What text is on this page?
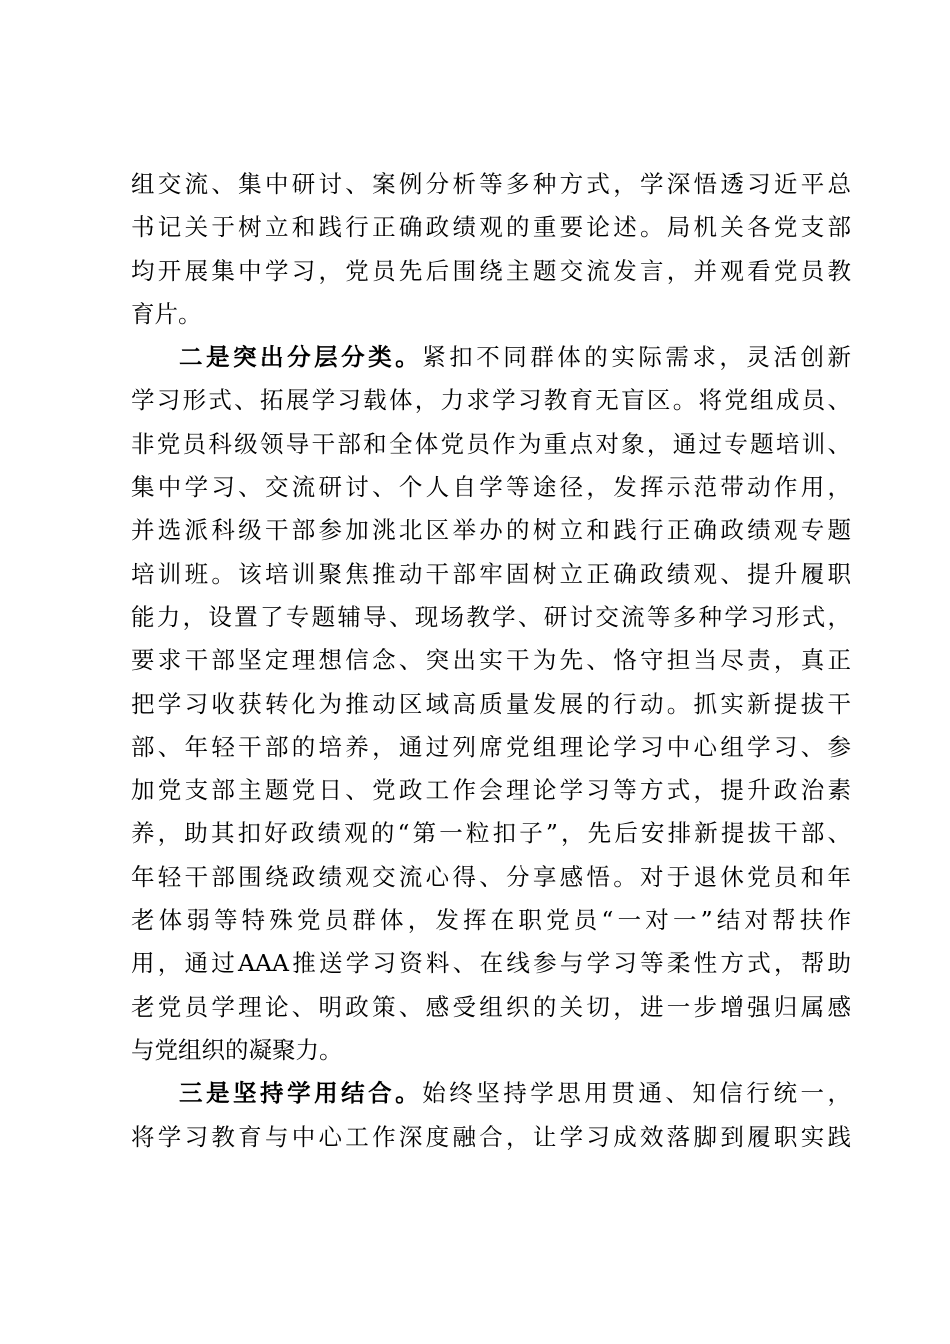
组交流、集中研讨、案例分析等多种方式，学深悟透习近平总
书记关于树立和践行正确政绩观的重要论述。局机关各党支部
均开展集中学习，党员先后围绕主题交流发言，并观看党员教
育片。
二是突出分层分类。紧扣不同群体的实际需求，灵活创新
学习形式、拓展学习载体，力求学习教育无盲区。将党组成员、
非党员科级领导干部和全体党员作为重点对象，通过专题培训、
集中学习、交流研讨、个人自学等途径，发挥示范带动作用，
并选派科级干部参加洮北区举办的树立和践行正确政绩观专题
培训班。该培训聚焦推动干部牢固树立正确政绩观、提升履职
能力，设置了专题辅导、现场教学、研讨交流等多种学习形式，
要求干部坚定理想信念、突出实干为先、恪守担当尽责，真正
把学习收获转化为推动区域高质量发展的行动。抓实新提拔干
部、年轻干部的培养，通过列席党组理论学习中心组学习、参
加党支部主题党日、党政工作会理论学习等方式，提升政治素
养，助其扣好政绩观的“第一粒扣子”，先后安排新提拔干部、
年轻干部围绕政绩观交流心得、分享感悟。对于退休党员和年
老体弱等特殊党员群体，发挥在职党员“一对一”结对帮扶作
用，通过AAA推送学习资料、在线参与学习等柔性方式，帮助
老党员学理论、明政策、感受组织的关切，进一步增强归属感
与党组织的凝聚力。
三是坚持学用结合。始终坚持学思用贯通、知信行统一，
将学习教育与中心工作深度融合，让学习成效落脚到履职实践
